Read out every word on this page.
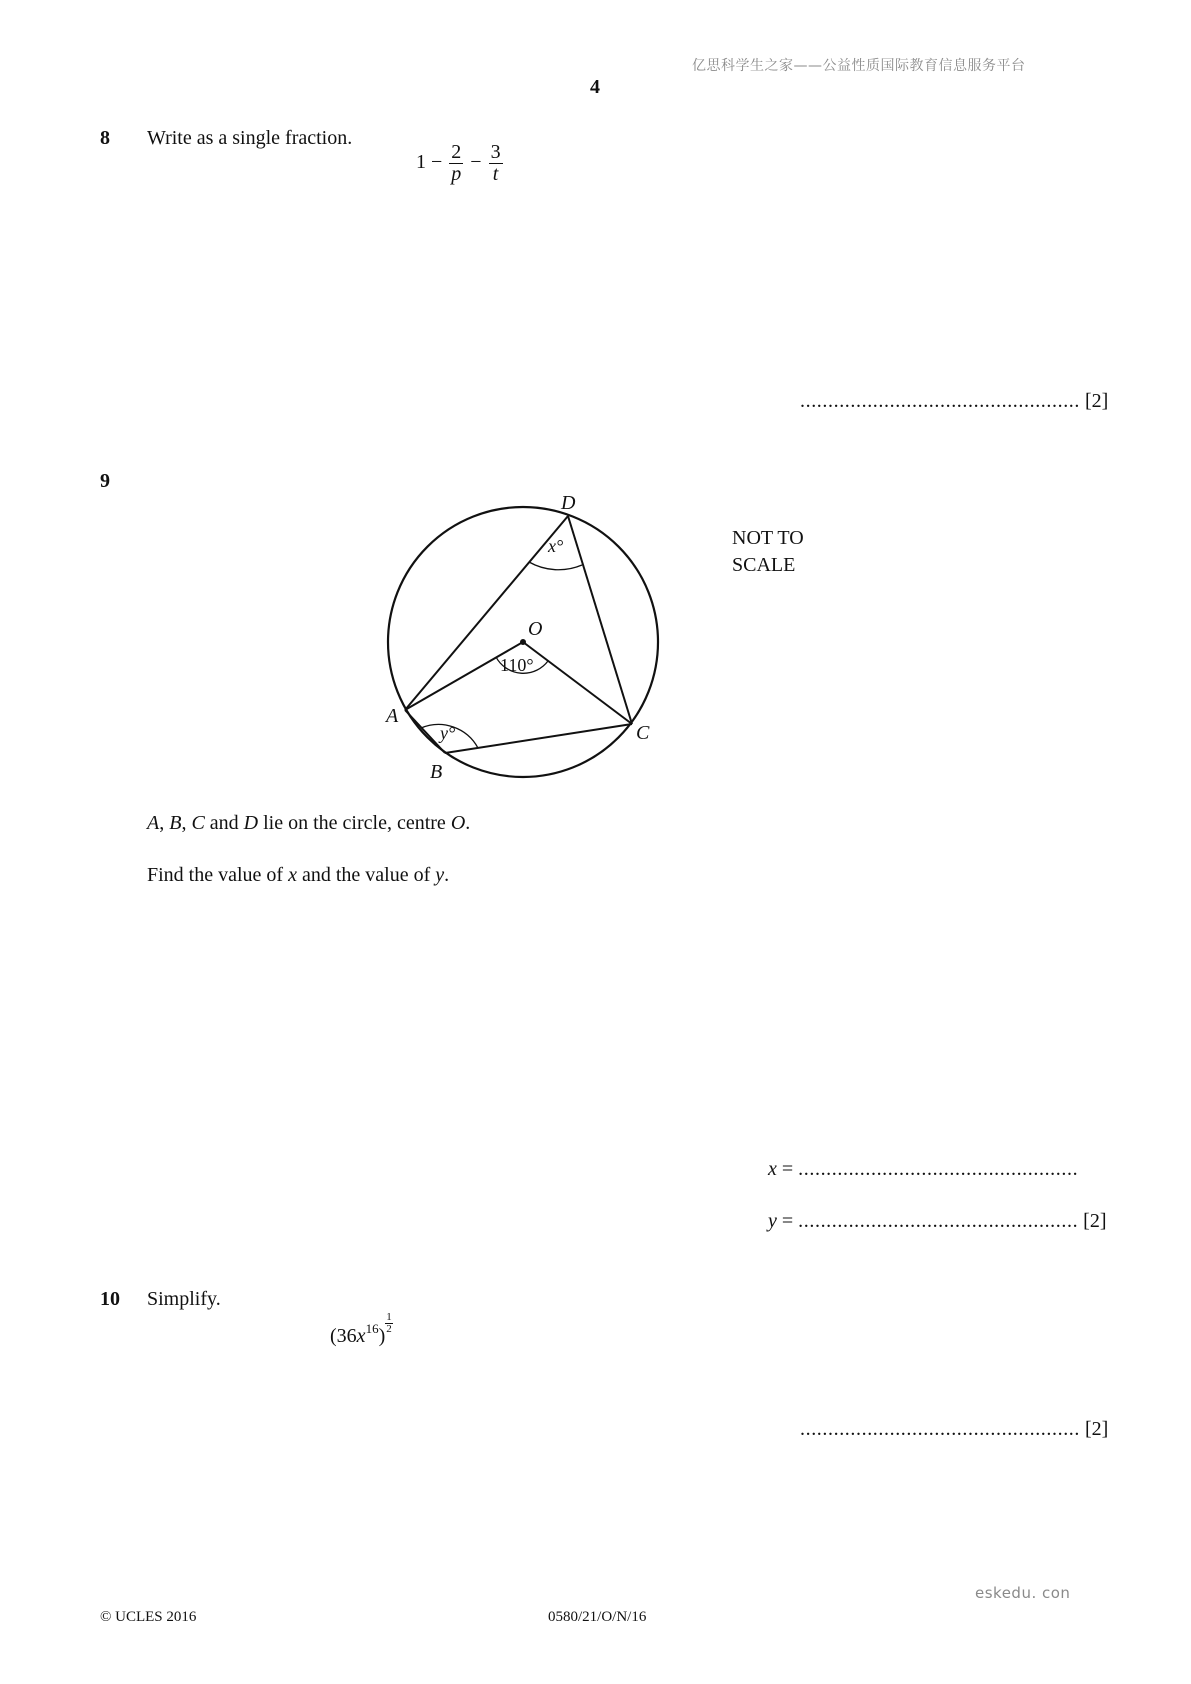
亿思科学生之家——公益性质国际教育信息服务平台
4
8 Write as a single fraction.
$1 - \frac{2}{p} - \frac{3}{t}$
.................................................. [2]
9
D
O
A
B
C
x°
110°
y°
NOT TO
SCALE
A, B, C and D lie on the circle, centre O.
Find the value of x and the value of y.
x = ..................................................
y = .................................................. [2]
10 Simplify.
$(36x^{16})$
$\frac{1}{2}$
.................................................. [2]
eskedu. con
© UCLES 2016	0580/21/O/N/16
